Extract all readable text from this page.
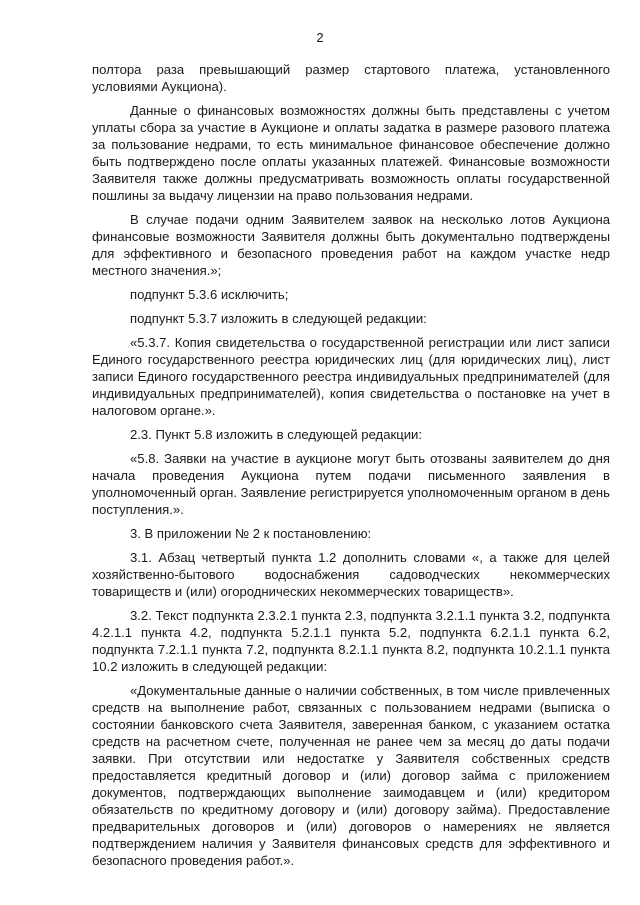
2

полтора раза превышающий размер стартового платежа, установленного условиями Аукциона).

Данные о финансовых возможностях должны быть представлены с учетом уплаты сбора за участие в Аукционе и оплаты задатка в размере разового платежа за пользование недрами, то есть минимальное финансовое обеспечение должно быть подтверждено после оплаты указанных платежей. Финансовые возможности Заявителя также должны предусматривать возможность оплаты государственной пошлины за выдачу лицензии на право пользования недрами.

В случае подачи одним Заявителем заявок на несколько лотов Аукциона финансовые возможности Заявителя должны быть документально подтверждены для эффективного и безопасного проведения работ на каждом участке недр местного значения.»;

подпункт 5.3.6 исключить;

подпункт 5.3.7 изложить в следующей редакции:

«5.3.7. Копия свидетельства о государственной регистрации или лист записи Единого государственного реестра юридических лиц (для юридических лиц), лист записи Единого государственного реестра индивидуальных предпринимателей (для индивидуальных предпринимателей), копия свидетельства о постановке на учет в налоговом органе.».

2.3. Пункт 5.8 изложить в следующей редакции:

«5.8. Заявки на участие в аукционе могут быть отозваны заявителем до дня начала проведения Аукциона путем подачи письменного заявления в уполномоченный орган. Заявление регистрируется уполномоченным органом в день поступления.».

3. В приложении № 2 к постановлению:

3.1. Абзац четвертый пункта 1.2 дополнить словами «, а также для целей хозяйственно-бытового водоснабжения садоводческих некоммерческих товариществ и (или) огороднических некоммерческих товариществ».

3.2. Текст подпункта 2.3.2.1 пункта 2.3, подпункта 3.2.1.1 пункта 3.2, подпункта 4.2.1.1 пункта 4.2, подпункта 5.2.1.1 пункта 5.2, подпункта 6.2.1.1 пункта 6.2, подпункта 7.2.1.1 пункта 7.2, подпункта 8.2.1.1 пункта 8.2, подпункта 10.2.1.1 пункта 10.2 изложить в следующей редакции:

«Документальные данные о наличии собственных, в том числе привлеченных средств на выполнение работ, связанных с пользованием недрами (выписка о состоянии банковского счета Заявителя, заверенная банком, с указанием остатка средств на расчетном счете, полученная не ранее чем за месяц до даты подачи заявки. При отсутствии или недостатке у Заявителя собственных средств предоставляется кредитный договор и (или) договор займа с приложением документов, подтверждающих выполнение заимодавцем и (или) кредитором обязательств по кредитному договору и (или) договору займа). Предоставление предварительных договоров и (или) договоров о намерениях не является подтверждением наличия у Заявителя финансовых средств для эффективного и безопасного проведения работ.».
